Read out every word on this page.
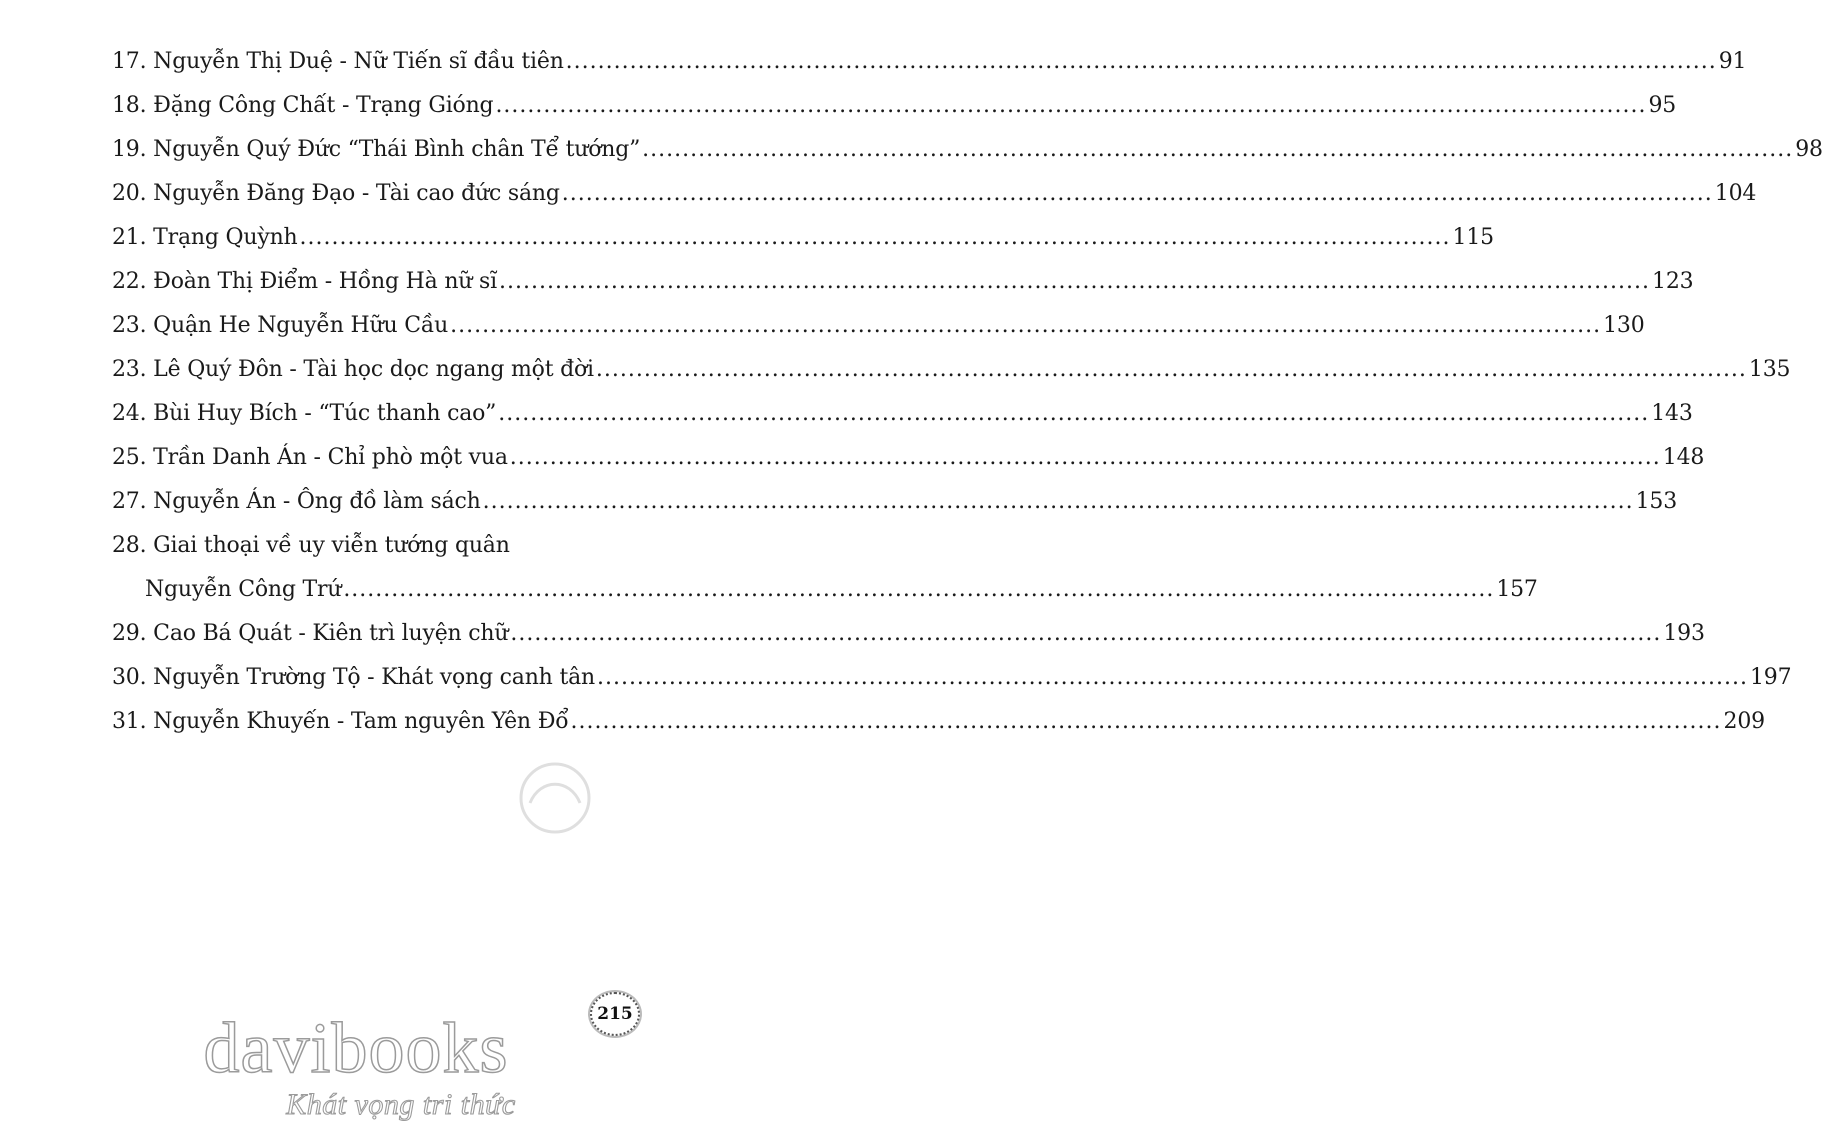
17. Nguyễn Thị Duệ - Nữ Tiến sĩ đầu tiên .....	91
18. Đặng Công Chất - Trạng Gióng .....	95
19. Nguyễn Quý Đức “Thái Bình chân Tể tướng” .....	98
20. Nguyễn Đăng Đạo - Tài cao đức sáng .....	104
21. Trạng Quỳnh .....	115
22. Đoàn Thị Điểm - Hồng Hà nữ sĩ .....	123
23. Quận He Nguyễn Hữu Cầu .....	130
23. Lê Quý Đôn - Tài học dọc ngang một đời .....	135
24. Bùi Huy Bích - “Túc thanh cao” .....	143
25. Trần Danh Án - Chỉ phò một vua .....	148
27. Nguyễn Án - Ông đồ làm sách .....	153
28. Giai thoại về uy viễn tướng quân
Nguyễn Công Trứ .....	157
29. Cao Bá Quát - Kiên trì luyện chữ .....	193
30. Nguyễn Trường Tộ - Khát vọng canh tân .....	197
31. Nguyễn Khuyến - Tam nguyên Yên Đổ .....	209
215
davibooks
Khát vọng tri thức
